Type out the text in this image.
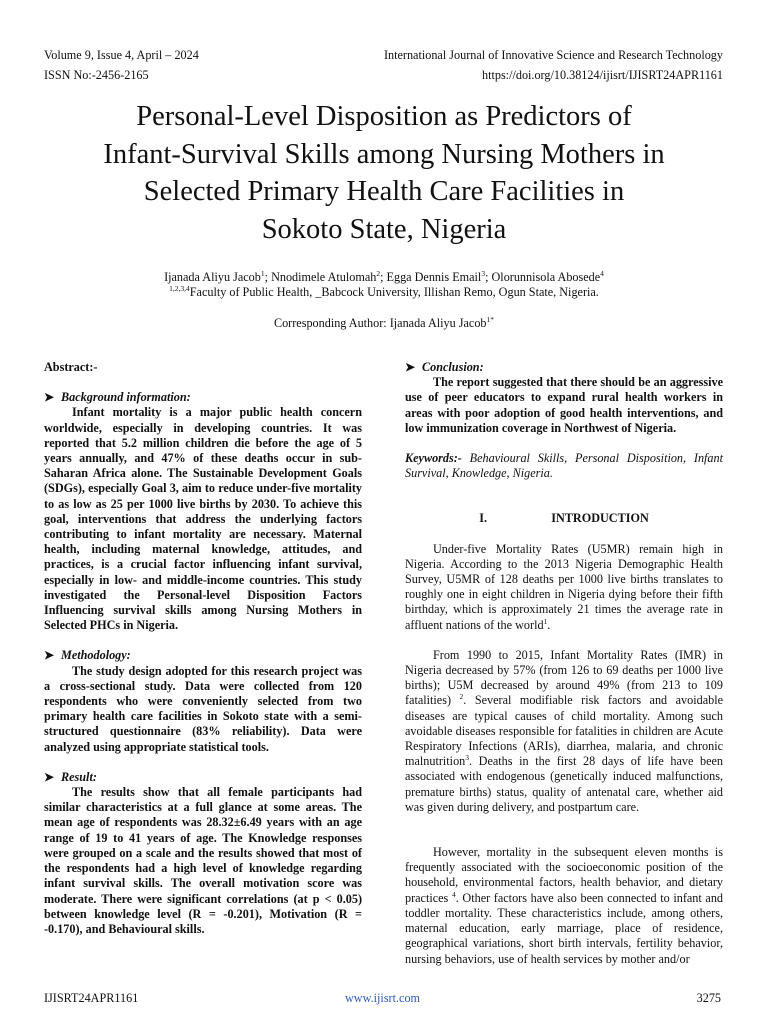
Volume 9, Issue 4, April – 2024	International Journal of Innovative Science and Research Technology
ISSN No:-2456-2165	https://doi.org/10.38124/ijisrt/IJISRT24APR1161
Personal-Level Disposition as Predictors of
Infant-Survival Skills among Nursing Mothers in
Selected Primary Health Care Facilities in
Sokoto State, Nigeria
Ijanada Aliyu Jacob$^1$; Nnodimele Atulomah$^2$; Egga Dennis Email$^3$; Olorunnisola Abosede$^4$
$^{1,2,3,4}$Faculty of Public Health, _Babcock University, Illishan Remo, Ogun State, Nigeria.
Corresponding Author: Ijanada Aliyu Jacob$^{1*}$

Abstract:-

➤ Background information:

Infant mortality is a major public health concern worldwide, especially in developing countries. It was reported that 5.2 million children die before the age of 5 years annually, and 47% of these deaths occur in sub-Saharan Africa alone. The Sustainable Development Goals (SDGs), especially Goal 3, aim to reduce under-five mortality to as low as 25 per 1000 live births by 2030. To achieve this goal, interventions that address the underlying factors contributing to infant mortality are necessary. Maternal health, including maternal knowledge, attitudes, and practices, is a crucial factor influencing infant survival, especially in low- and middle-income countries. This study investigated the Personal-level Disposition Factors Influencing survival skills among Nursing Mothers in Selected PHCs in Nigeria.

➤ Methodology:

The study design adopted for this research project was a cross-sectional study. Data were collected from 120 respondents who were conveniently selected from two primary health care facilities in Sokoto state with a semi-structured questionnaire (83% reliability). Data were analyzed using appropriate statistical tools.

➤ Result:

The results show that all female participants had similar characteristics at a full glance at some areas. The mean age of respondents was 28.32±6.49 years with an age range of 19 to 41 years of age. The Knowledge responses were grouped on a scale and the results showed that most of the respondents had a high level of knowledge regarding infant survival skills. The overall motivation score was moderate. There were significant correlations (at p < 0.05) between knowledge level (R = -0.201), Motivation (R = -0.170), and Behavioural skills.

➤ Conclusion:

The report suggested that there should be an aggressive use of peer educators to expand rural health workers in areas with poor adoption of good health interventions, and low immunization coverage in Northwest of Nigeria.

Keywords:- Behavioural Skills, Personal Disposition, Infant Survival, Knowledge, Nigeria.

I.	INTRODUCTION

Under-five Mortality Rates (U5MR) remain high in Nigeria. According to the 2013 Nigeria Demographic Health Survey, U5MR of 128 deaths per 1000 live births translates to roughly one in eight children in Nigeria dying before their fifth birthday, which is approximately 21 times the average rate in affluent nations of the world$^1$.

From 1990 to 2015, Infant Mortality Rates (IMR) in Nigeria decreased by 57% (from 126 to 69 deaths per 1000 live births); U5M decreased by around 49% (from 213 to 109 fatalities) $^2$. Several modifiable risk factors and avoidable diseases are typical causes of child mortality. Among such avoidable diseases responsible for fatalities in children are Acute Respiratory Infections (ARIs), diarrhea, malaria, and chronic malnutrition$^3$. Deaths in the first 28 days of life have been associated with endogenous (genetically induced malfunctions, premature births) status, quality of antenatal care, whether aid was given during delivery, and postpartum care.

However, mortality in the subsequent eleven months is frequently associated with the socioeconomic position of the household, environmental factors, health behavior, and dietary practices $^4$. Other factors have also been connected to infant and toddler mortality. These characteristics include, among others, maternal education, early marriage, place of residence, geographical variations, short birth intervals, fertility behavior, nursing behaviors, use of health services by mother and/or

IJISRT24APR1161	www.ijisrt.com	3275
